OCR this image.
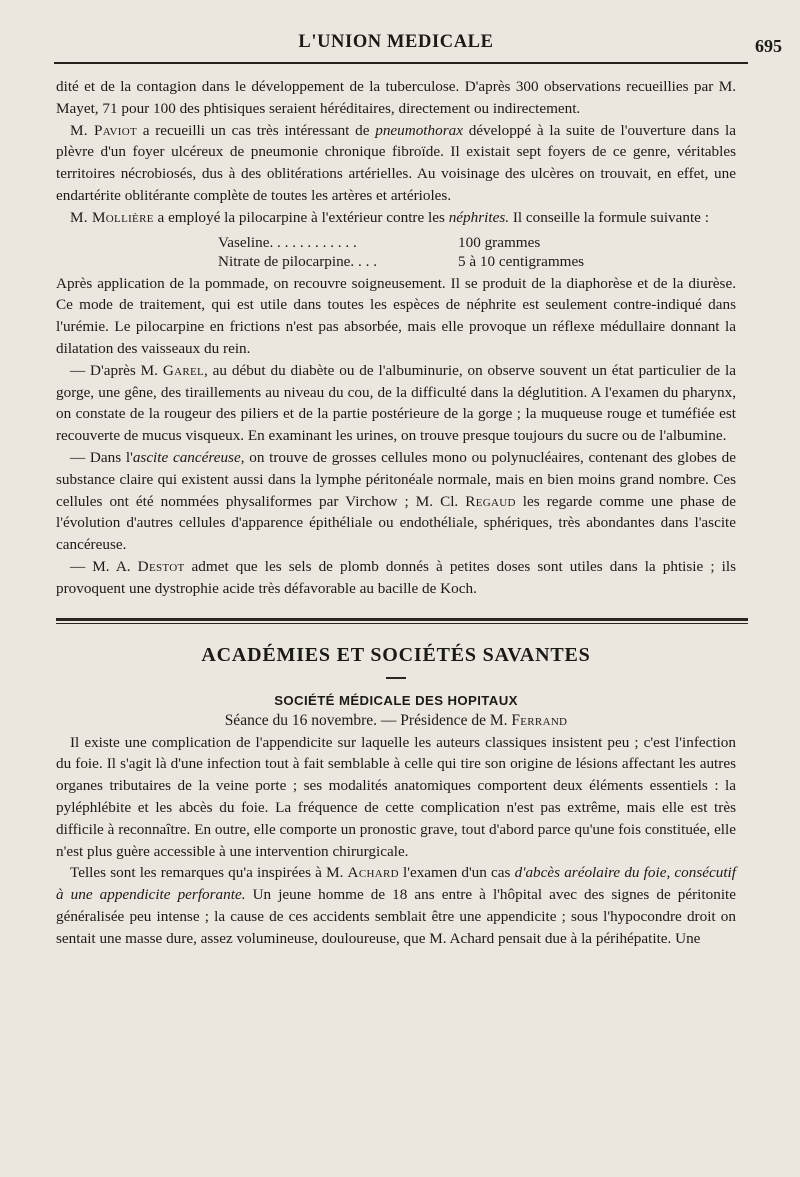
L'UNION MEDICALE	695

dité et de la contagion dans le développement de la tuberculose. D'après 300 observations recueillies par M. Mayet, 71 pour 100 des phtisiques seraient héréditaires, directement ou indirectement.

M. Paviot a recueilli un cas très intéressant de pneumothorax développé à la suite de l'ouverture dans la plèvre d'un foyer ulcéreux de pneumonie chronique fibroïde. Il existait sept foyers de ce genre, véritables territoires nécrobiosés, dus à des oblitérations artérielles. Au voisinage des ulcères on trouvait, en effet, une endartérite oblitérante complète de toutes les artères et artérioles.

M. Mollière a employé la pilocarpine à l'extérieur contre les néphrites. Il conseille la formule suivante :

Vaseline. . . . . . . . . . . .	100 grammes
Nitrate de pilocarpine. . . .	5 à 10 centigrammes

Après application de la pommade, on recouvre soigneusement. Il se produit de la diaphorèse et de la diurèse. Ce mode de traitement, qui est utile dans toutes les espèces de néphrite est seulement contre-indiqué dans l'urémie. Le pilocarpine en frictions n'est pas absorbée, mais elle provoque un réflexe médullaire donnant la dilatation des vaisseaux du rein.

— D'après M. Garel, au début du diabète ou de l'albuminurie, on observe souvent un état particulier de la gorge, une gêne, des tiraillements au niveau du cou, de la difficulté dans la déglutition. A l'examen du pharynx, on constate de la rougeur des piliers et de la partie postérieure de la gorge ; la muqueuse rouge et tuméfiée est recouverte de mucus visqueux. En examinant les urines, on trouve presque toujours du sucre ou de l'albumine.

— Dans l'ascite cancéreuse, on trouve de grosses cellules mono ou polynucléaires, contenant des globes de substance claire qui existent aussi dans la lymphe péritonéale normale, mais en bien moins grand nombre. Ces cellules ont été nommées physaliformes par Virchow ; M. Cl. Regaud les regarde comme une phase de l'évolution d'autres cellules d'apparence épithéliale ou endothéliale, sphériques, très abondantes dans l'ascite cancéreuse.

— M. A. Destot admet que les sels de plomb donnés à petites doses sont utiles dans la phtisie ; ils provoquent une dystrophie acide très défavorable au bacille de Koch.

ACADÉMIES ET SOCIÉTÉS SAVANTES
SOCIÉTÉ MÉDICALE DES HOPITAUX
Séance du 16 novembre. — Présidence de M. Ferrand

Il existe une complication de l'appendicite sur laquelle les auteurs classiques insistent peu ; c'est l'infection du foie. Il s'agit là d'une infection tout à fait semblable à celle qui tire son origine de lésions affectant les autres organes tributaires de la veine porte ; ses modalités anatomiques comportent deux éléments essentiels : la pyléphlébite et les abcès du foie. La fréquence de cette complication n'est pas extrême, mais elle est très difficile à reconnaître. En outre, elle comporte un pronostic grave, tout d'abord parce qu'une fois constituée, elle n'est plus guère accessible à une intervention chirurgicale.

Telles sont les remarques qu'a inspirées à M. Achard l'examen d'un cas d'abcès aréolaire du foie, consécutif à une appendicite perforante. Un jeune homme de 18 ans entre à l'hôpital avec des signes de péritonite généralisée peu intense ; la cause de ces accidents semblait être une appendicite ; sous l'hypocondre droit on sentait une masse dure, assez volumineuse, douloureuse, que M. Achard pensait due à la périhépatite. Une
